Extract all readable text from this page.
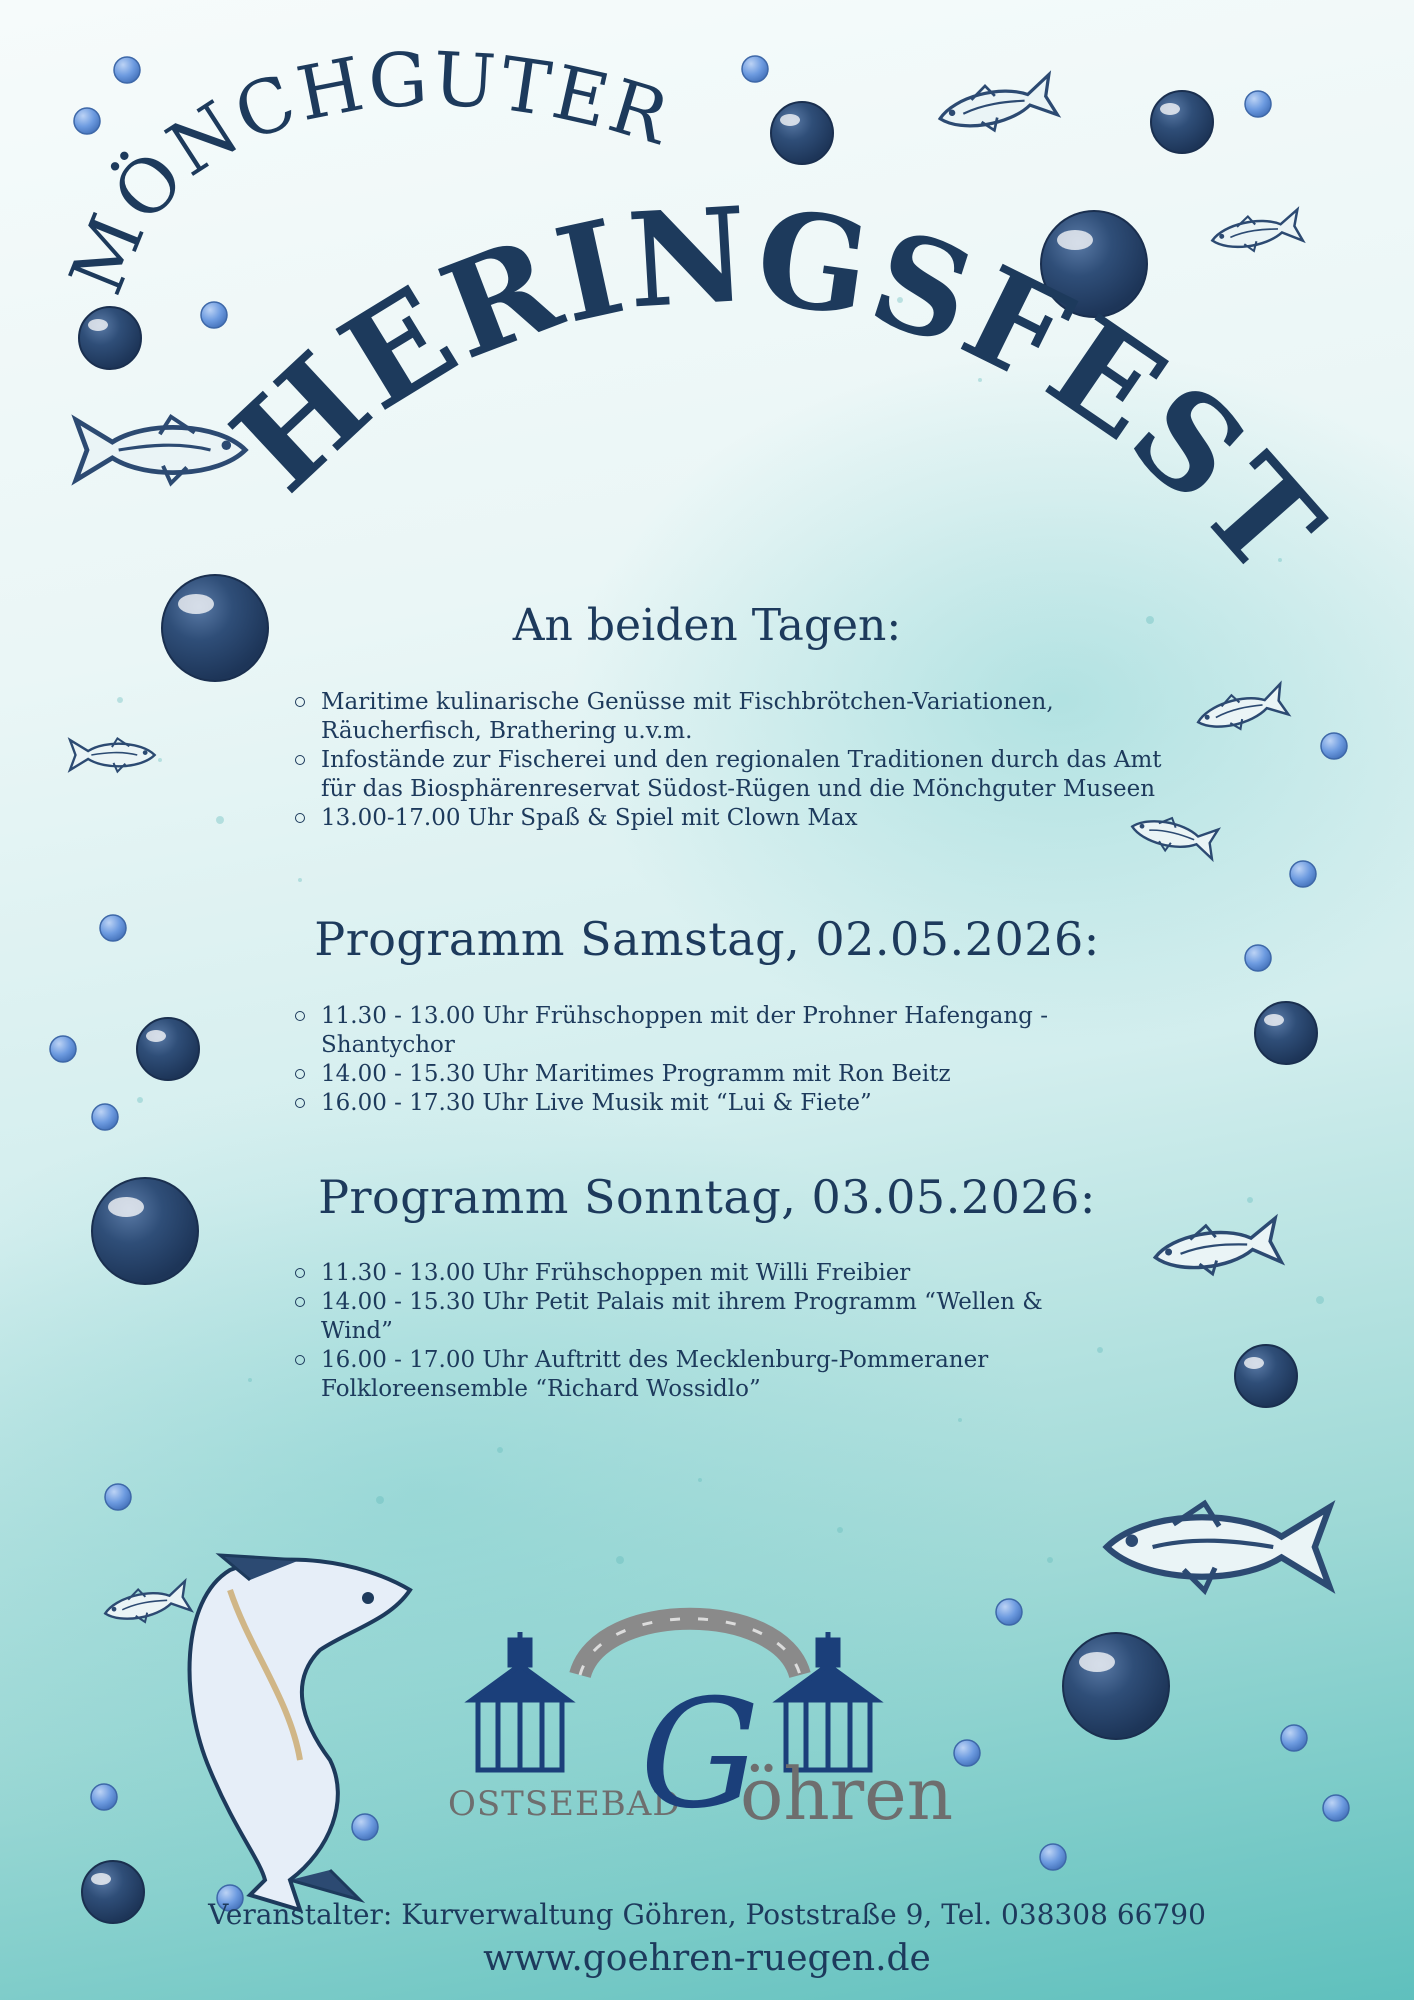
MÖNCHGUTER
HERINGSFEST
An beiden Tagen:
Maritime kulinarische Genüsse mit Fischbrötchen-Variationen, Räucherfisch, Brathering u.v.m.
Infostände zur Fischerei und den regionalen Traditionen durch das Amt für das Biosphärenreservat Südost-Rügen und die Mönchguter Museen
13.00-17.00 Uhr Spaß & Spiel mit Clown Max
Programm Samstag, 02.05.2026:
11.30 - 13.00 Uhr Frühschoppen mit der Prohner Hafengang - Shantychor
14.00 - 15.30 Uhr Maritimes Programm mit Ron Beitz
16.00 - 17.30 Uhr Live Musik mit “Lui & Fiete”
Programm Sonntag, 03.05.2026:
11.30 - 13.00 Uhr Frühschoppen mit Willi Freibier
14.00 - 15.30 Uhr Petit Palais mit ihrem Programm “Wellen & Wind”
16.00 - 17.00 Uhr Auftritt des Mecklenburg-Pommeraner Folkloreensemble “Richard Wossidlo”
OSTSEEBAD
G
öhren
Veranstalter: Kurverwaltung Göhren, Poststraße 9, Tel. 038308 66790
www.goehren-ruegen.de
